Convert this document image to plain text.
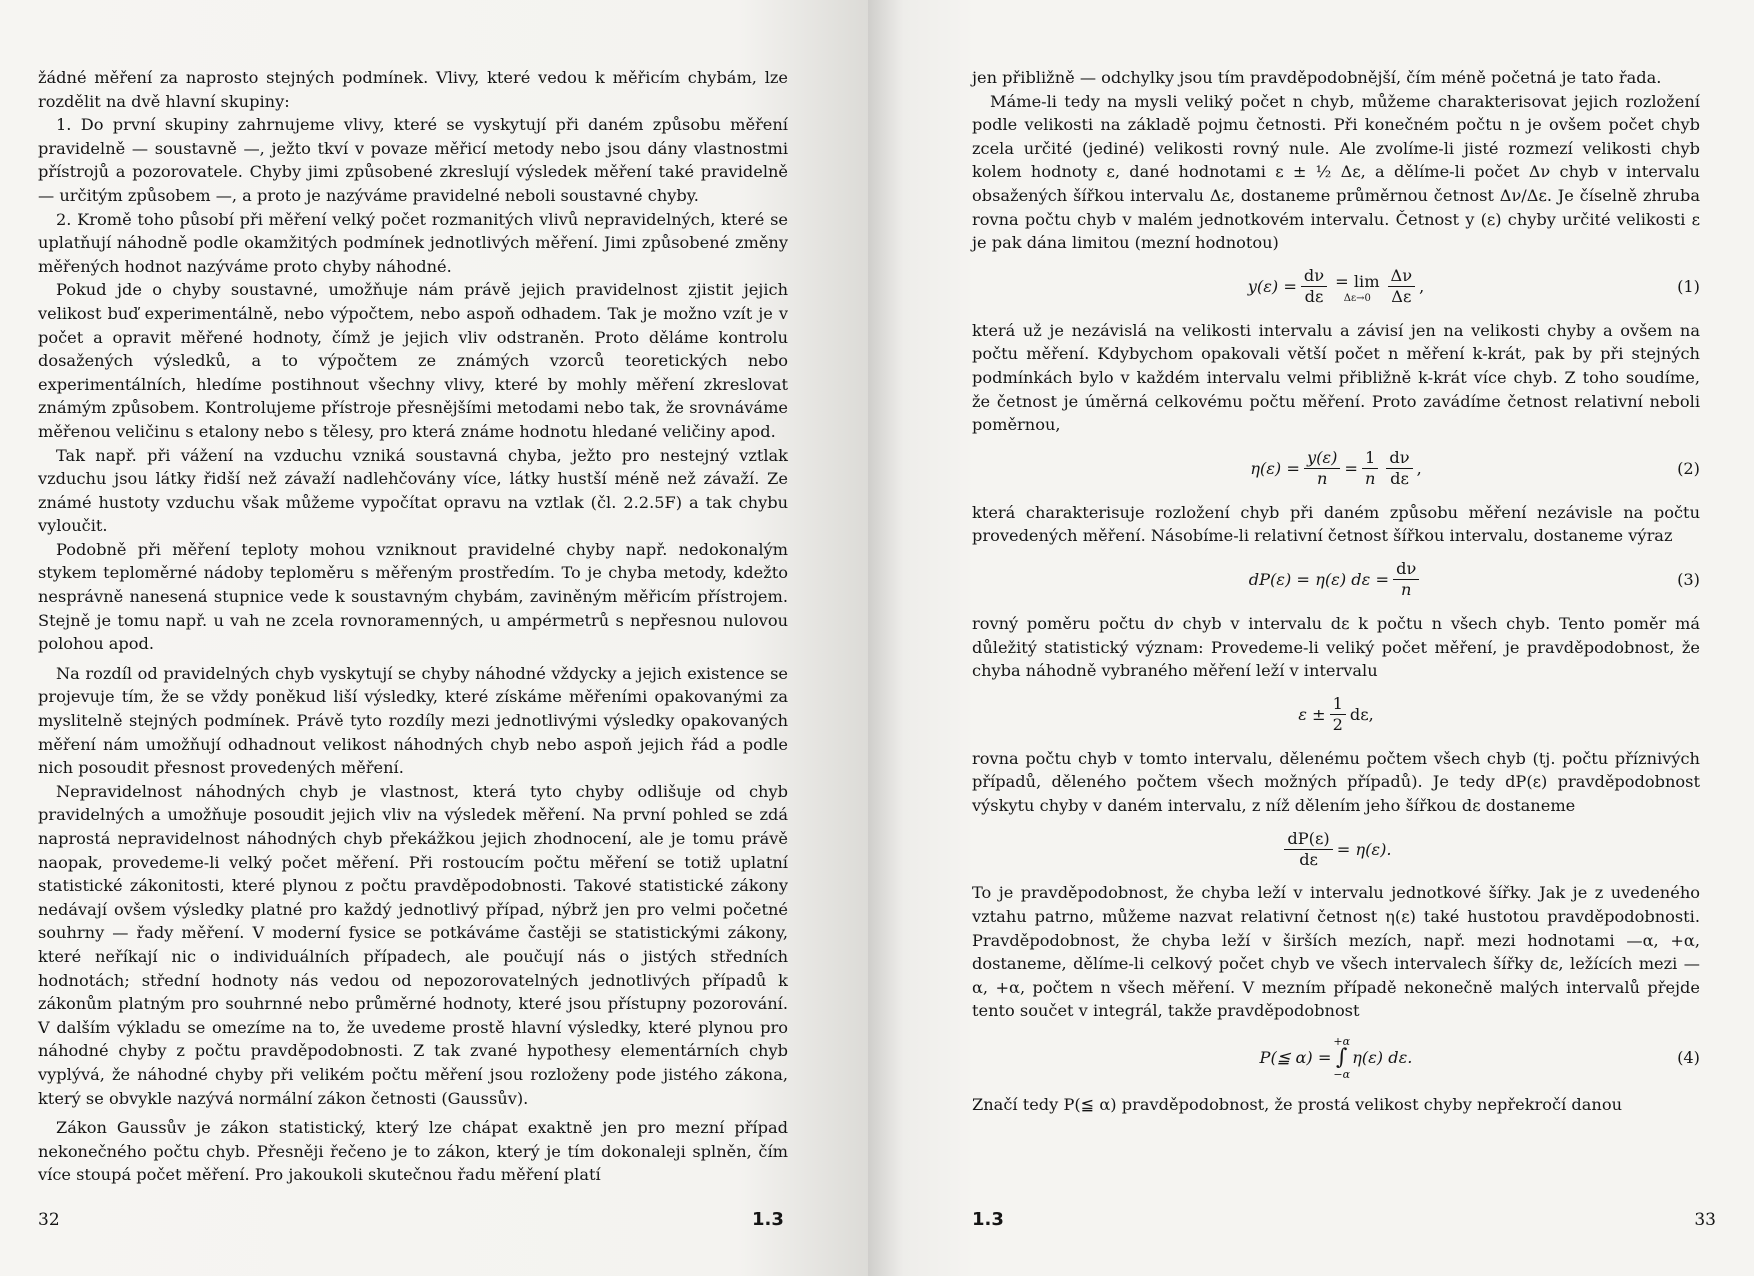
žádné měření za naprosto stejných podmínek. Vlivy, které vedou k měřicím chybám, lze rozdělit na dvě hlavní skupiny:

1. Do první skupiny zahrnujeme vlivy, které se vyskytují při daném způsobu měření pravidelně — soustavně —, ježto tkví v povaze měřicí metody nebo jsou dány vlastnostmi přístrojů a pozorovatele. Chyby jimi způsobené zkreslují výsledek měření také pravidelně — určitým způsobem —, a proto je nazýváme pravidelné neboli soustavné chyby.

2. Kromě toho působí při měření velký počet rozmanitých vlivů nepravidelných, které se uplatňují náhodně podle okamžitých podmínek jednotlivých měření. Jimi způsobené změny měřených hodnot nazýváme proto chyby náhodné.

Pokud jde o chyby soustavné, umožňuje nám právě jejich pravidelnost zjistit jejich velikost buď experimentálně, nebo výpočtem, nebo aspoň odhadem. Tak je možno vzít je v počet a opravit měřené hodnoty, čímž je jejich vliv odstraněn. Proto děláme kontrolu dosažených výsledků, a to výpočtem ze známých vzorců teoretických nebo experimentálních, hledíme postihnout všechny vlivy, které by mohly měření zkreslovat známým způsobem. Kontrolujeme přístroje přesnějšími metodami nebo tak, že srovnáváme měřenou veličinu s etalony nebo s tělesy, pro která známe hodnotu hledané veličiny apod.

Tak např. při vážení na vzduchu vzniká soustavná chyba, ježto pro nestejný vztlak vzduchu jsou látky řidší než závaží nadlehčovány více, látky hustší méně než závaží. Ze známé hustoty vzduchu však můžeme vypočítat opravu na vztlak (čl. 2.2.5F) a tak chybu vyloučit.

Podobně při měření teploty mohou vzniknout pravidelné chyby např. nedokonalým stykem teploměrné nádoby teploměru s měřeným prostředím. To je chyba metody, kdežto nesprávně nanesená stupnice vede k soustavným chybám, zaviněným měřicím přístrojem. Stejně je tomu např. u vah ne zcela rovnoramenných, u ampérmetrů s nepřesnou nulovou polohou apod.

Na rozdíl od pravidelných chyb vyskytují se chyby náhodné vždycky a jejich existence se projevuje tím, že se vždy poněkud liší výsledky, které získáme měřeními opakovanými za myslitelně stejných podmínek. Právě tyto rozdíly mezi jednotlivými výsledky opakovaných měření nám umožňují odhadnout velikost náhodných chyb nebo aspoň jejich řád a podle nich posoudit přesnost provedených měření.

Nepravidelnost náhodných chyb je vlastnost, která tyto chyby odlišuje od chyb pravidelných a umožňuje posoudit jejich vliv na výsledek měření. Na první pohled se zdá naprostá nepravidelnost náhodných chyb překážkou jejich zhodnocení, ale je tomu právě naopak, provedeme-li velký počet měření. Při rostoucím počtu měření se totiž uplatní statistické zákonitosti, které plynou z počtu pravděpodobnosti. Takové statistické zákony nedávají ovšem výsledky platné pro každý jednotlivý případ, nýbrž jen pro velmi početné souhrny — řady měření. V moderní fysice se potkáváme častěji se statistickými zákony, které neříkají nic o individuálních případech, ale poučují nás o jistých středních hodnotách; střední hodnoty nás vedou od nepozorovatelných jednotlivých případů k zákonům platným pro souhrnné nebo průměrné hodnoty, které jsou přístupny pozorování. V dalším výkladu se omezíme na to, že uvedeme prostě hlavní výsledky, které plynou pro náhodné chyby z počtu pravděpodobnosti. Z tak zvané hypothesy elementárních chyb vyplývá, že náhodné chyby při velikém počtu měření jsou rozloženy pode jistého zákona, který se obvykle nazývá normální zákon četnosti (Gaussův).

Zákon Gaussův je zákon statistický, který lze chápat exaktně jen pro mezní případ nekonečného počtu chyb. Přesněji řečeno je to zákon, který je tím dokonaleji splněn, čím více stoupá počet měření. Pro jakoukoli skutečnou řadu měření platí

32	1.3

jen přibližně — odchylky jsou tím pravděpodobnější, čím méně početná je tato řada.

Máme-li tedy na mysli veliký počet n chyb, můžeme charakterisovat jejich rozložení podle velikosti na základě pojmu četnosti. Při konečném počtu n je ovšem počet chyb zcela určité (jediné) velikosti rovný nule. Ale zvolíme-li jisté rozmezí velikosti chyb kolem hodnoty ε, dané hodnotami ε ± ½ Δε, a dělíme-li počet Δν chyb v intervalu obsažených šířkou intervalu Δε, dostaneme průměrnou četnost Δν/Δε. Je číselně zhruba rovna počtu chyb v malém jednotkovém intervalu. Četnost y (ε) chyby určité velikosti ε je pak dána limitou (mezní hodnotou)

$y(\varepsilon) = \frac{d\nu}{d\varepsilon} = \lim$
$\Delta\varepsilon\to 0 \frac{\Delta\nu}{\Delta\varepsilon}$ ,	(1)

která už je nezávislá na velikosti intervalu a závisí jen na velikosti chyby a ovšem na počtu měření. Kdybychom opakovali větší počet n měření k-krát, pak by při stejných podmínkách bylo v každém intervalu velmi přibližně k-krát více chyb. Z toho soudíme, že četnost je úměrná celkovému počtu měření. Proto zavádíme četnost relativní neboli poměrnou,

$\eta(\varepsilon) = \frac{y(\varepsilon)}{n} = \frac{1}{n} \frac{d\nu}{d\varepsilon}$ ,	(2)

která charakterisuje rozložení chyb při daném způsobu měření nezávisle na počtu provedených měření. Násobíme-li relativní četnost šířkou intervalu, dostaneme výraz

dP(ε) = η(ε) $d\varepsilon = \frac{d\nu}{n}$	(3)

rovný poměru počtu dν chyb v intervalu dε k počtu n všech chyb. Tento poměr má důležitý statistický význam: Provedeme-li veliký počet měření, je pravděpodobnost, že chyba náhodně vybraného měření leží v intervalu

$\varepsilon \pm \frac{1}{2} d\varepsilon$,

rovna počtu chyb v tomto intervalu, dělenému počtem všech chyb (tj. počtu příznivých případů, děleného počtem všech možných případů). Je tedy dP(ε) pravděpodobnost výskytu chyby v daném intervalu, z níž dělením jeho šířkou dε dostaneme

$\frac{dP(\varepsilon)}{d\varepsilon} = \eta(\varepsilon)$.

To je pravděpodobnost, že chyba leží v intervalu jednotkové šířky. Jak je z uvedeného vztahu patrno, můžeme nazvat relativní četnost η(ε) také hustotou pravděpodobnosti. Pravděpodobnost, že chyba leží v širších mezích, např. mezi hodnotami —α, +α, dostaneme, dělíme-li celkový počet chyb ve všech intervalech šířky dε, ležících mezi —α, +α, počtem n všech měření. V mezním případě nekonečně malých intervalů přejde tento součet v integrál, takže pravděpodobnost

P(≦ α) =
+α
∫
−α
η(ε) dε.	(4)

Značí tedy P(≦ α) pravděpodobnost, že prostá velikost chyby nepřekročí danou

1.3	33
